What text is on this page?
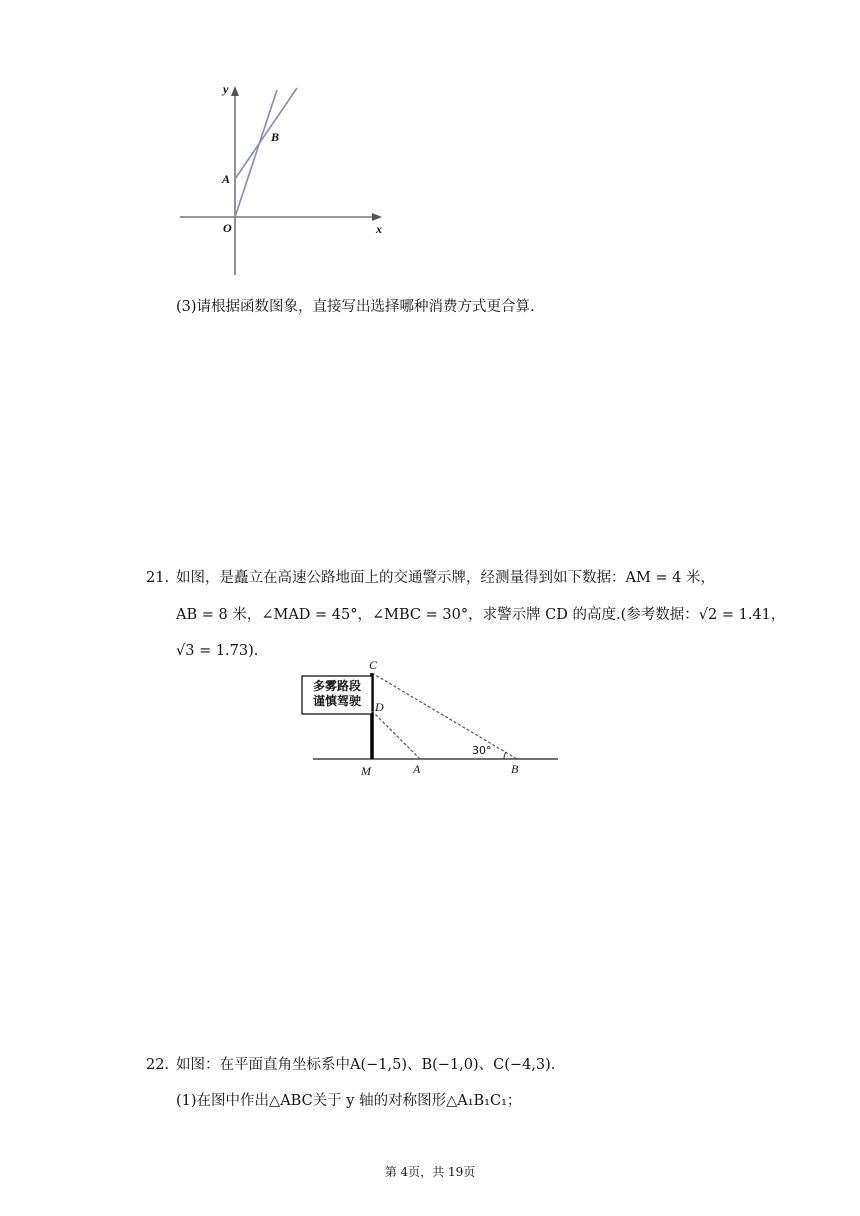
y
x
O
A
B
(3)请根据函数图象，直接写出选择哪种消费方式更合算.
21. 如图，是矗立在高速公路地面上的交通警示牌，经测量得到如下数据：AM = 4 米，
AB = 8 米，∠MAD = 45°，∠MBC = 30°，求警示牌 CD 的高度.(参考数据：√2 = 1.41，
√3 = 1.73).
多雾路段
谨慎驾驶
C
D
M	A	B
30°
22. 如图：在平面直角坐标系中A(−1,5)、B(−1,0)、C(−4,3).
(1)在图中作出△ABC关于 y 轴的对称图形△A₁B₁C₁；
第 4页，共 19页
